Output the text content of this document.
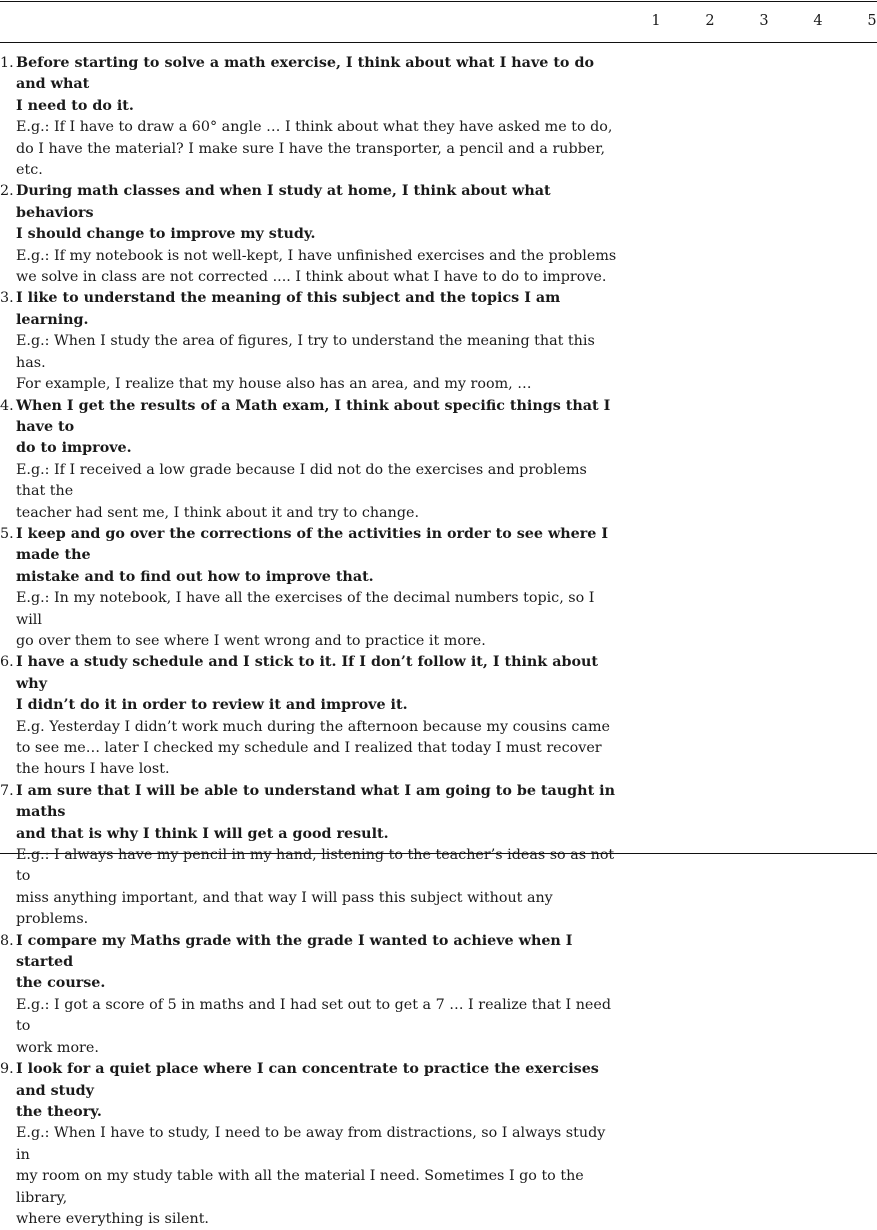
1	2	3	4	5
1. Before starting to solve a math exercise, I think about what I have to do and what
I need to do it.
E.g.: If I have to draw a 60° angle … I think about what they have asked me to do,
do I have the material? I make sure I have the transporter, a pencil and a rubber, etc.
2. During math classes and when I study at home, I think about what behaviors
I should change to improve my study.
E.g.: If my notebook is not well-kept, I have unfinished exercises and the problems
we solve in class are not corrected .... I think about what I have to do to improve.
3. I like to understand the meaning of this subject and the topics I am learning.
E.g.: When I study the area of figures, I try to understand the meaning that this has.
For example, I realize that my house also has an area, and my room, …
4. When I get the results of a Math exam, I think about specific things that I have to
do to improve.
E.g.: If I received a low grade because I did not do the exercises and problems that the
teacher had sent me, I think about it and try to change.
5. I keep and go over the corrections of the activities in order to see where I made the
mistake and to find out how to improve that.
E.g.: In my notebook, I have all the exercises of the decimal numbers topic, so I will
go over them to see where I went wrong and to practice it more.
6. I have a study schedule and I stick to it. If I don’t follow it, I think about why
I didn’t do it in order to review it and improve it.
E.g. Yesterday I didn’t work much during the afternoon because my cousins came
to see me… later I checked my schedule and I realized that today I must recover
the hours I have lost.
7. I am sure that I will be able to understand what I am going to be taught in maths
and that is why I think I will get a good result.
E.g.: I always have my pencil in my hand, listening to the teacher’s ideas so as not to
miss anything important, and that way I will pass this subject without any problems.
8. I compare my Maths grade with the grade I wanted to achieve when I started
the course.
E.g.: I got a score of 5 in maths and I had set out to get a 7 … I realize that I need to
work more.
9. I look for a quiet place where I can concentrate to practice the exercises and study
the theory.
E.g.: When I have to study, I need to be away from distractions, so I always study in
my room on my study table with all the material I need. Sometimes I go to the library,
where everything is silent.
